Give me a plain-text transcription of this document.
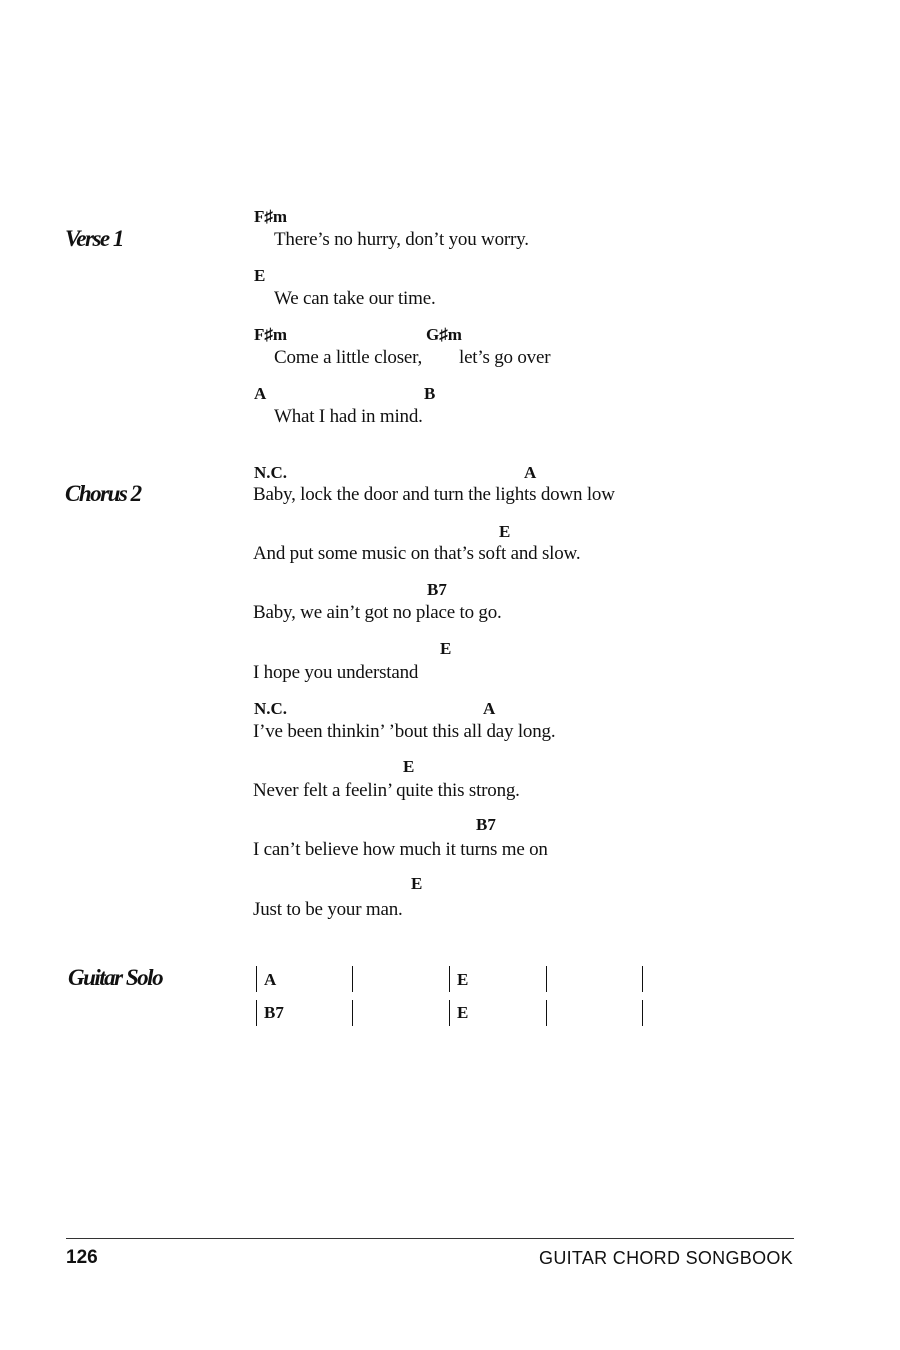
Verse 1
Chorus 2
Guitar Solo
F♯m
There’s no hurry, don’t you worry.
E
We can take our time.
F♯m	G♯m
Come a little closer, let’s go over
A	B
What I had in mind.
N.C.	A
Baby, lock the door and turn the lights down low
E
And put some music on that’s soft and slow.
B7
Baby, we ain’t got no place to go.
E
I hope you understand
N.C.	A
I’ve been thinkin’ ’bout this all day long.
E
Never felt a feelin’ quite this strong.
B7
I can’t believe how much it turns me on
E
Just to be your man.
A	E
B7	E
126	GUITAR CHORD SONGBOOK
